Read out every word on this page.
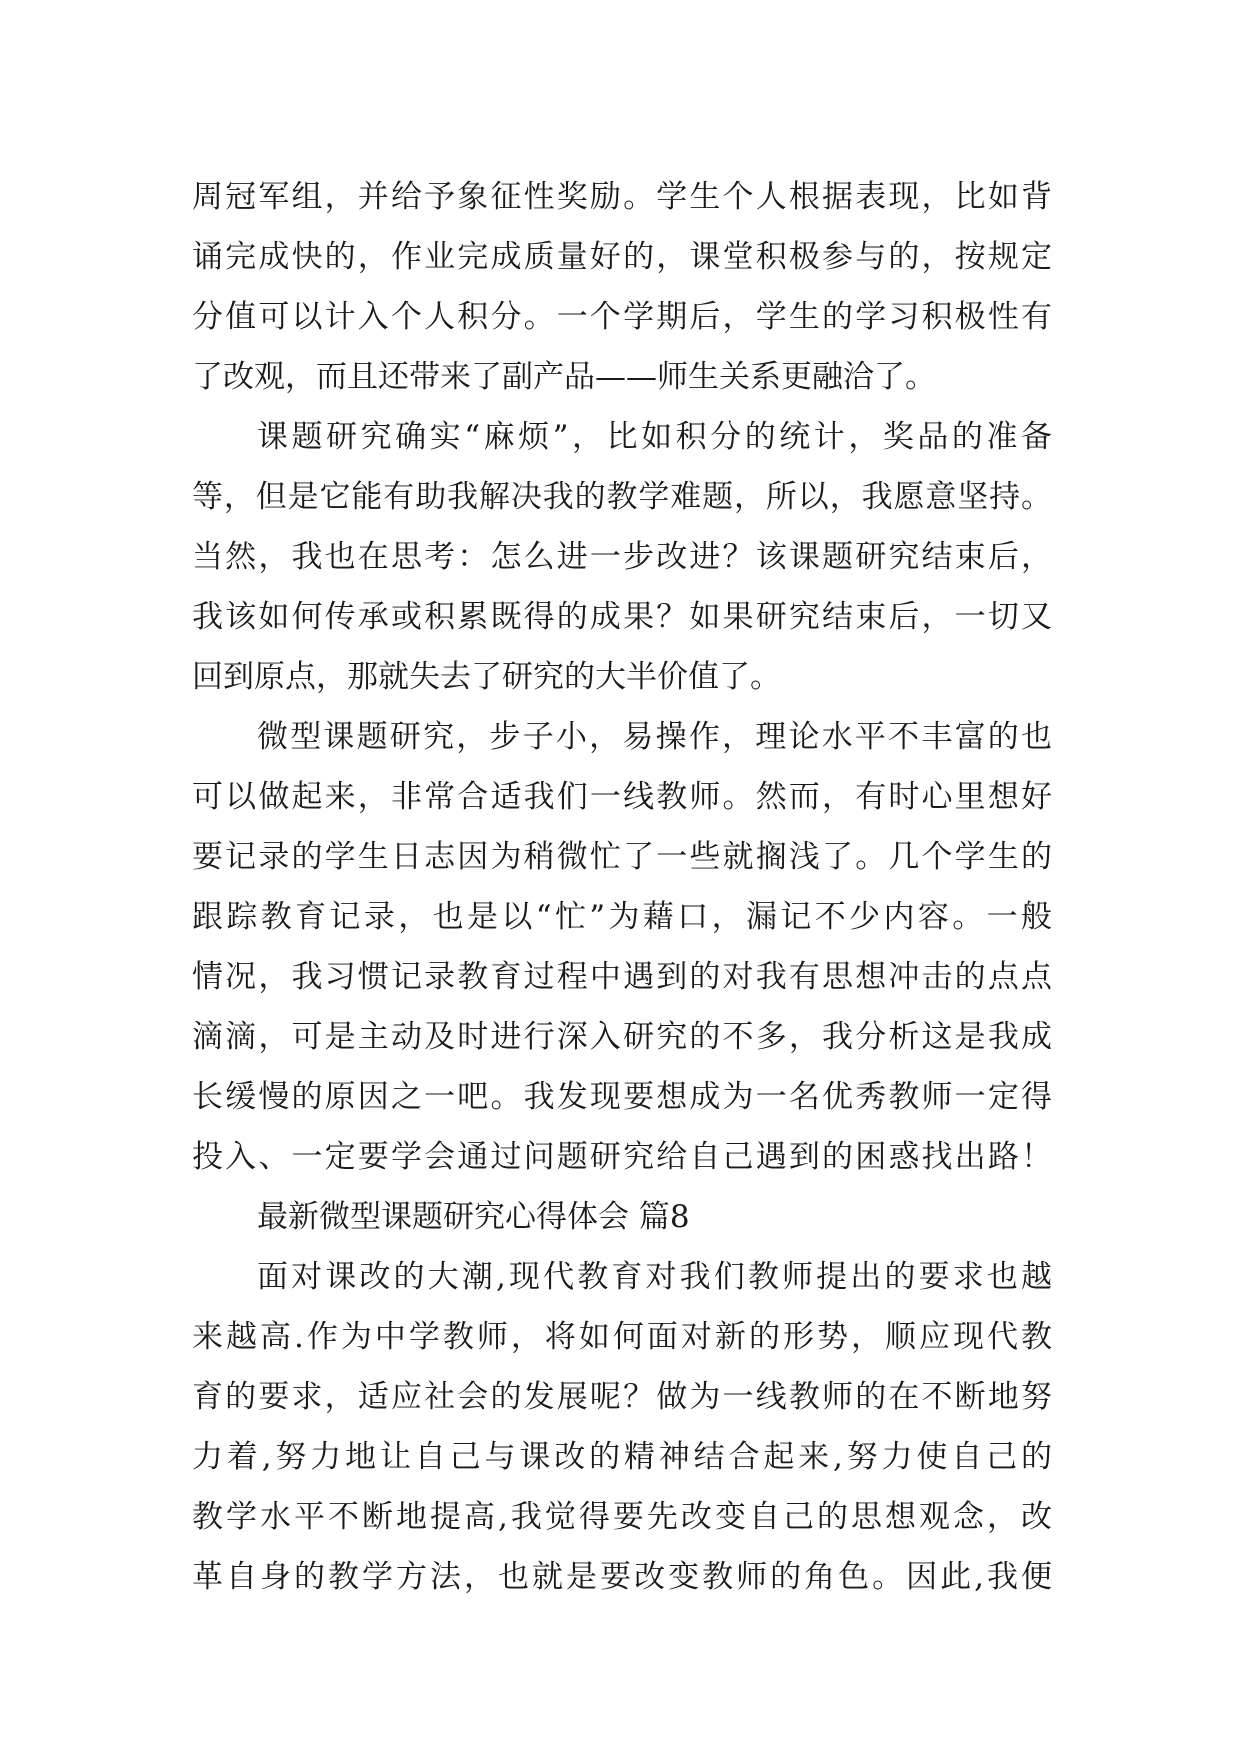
周冠军组，并给予象征性奖励。学生个人根据表现，比如背
诵完成快的，作业完成质量好的，课堂积极参与的，按规定
分值可以计入个人积分。一个学期后，学生的学习积极性有
了改观，而且还带来了副产品——师生关系更融洽了。
课题研究确实“麻烦”，比如积分的统计，奖品的准备
等，但是它能有助我解决我的教学难题，所以，我愿意坚持。
当然，我也在思考：怎么进一步改进？该课题研究结束后，
我该如何传承或积累既得的成果？如果研究结束后，一切又
回到原点，那就失去了研究的大半价值了。
微型课题研究，步子小，易操作，理论水平不丰富的也
可以做起来，非常合适我们一线教师。然而，有时心里想好
要记录的学生日志因为稍微忙了一些就搁浅了。几个学生的
跟踪教育记录，也是以“忙”为藉口，漏记不少内容。一般
情况，我习惯记录教育过程中遇到的对我有思想冲击的点点
滴滴，可是主动及时进行深入研究的不多，我分析这是我成
长缓慢的原因之一吧。我发现要想成为一名优秀教师一定得
投入、一定要学会通过问题研究给自己遇到的困惑找出路！
最新微型课题研究心得体会 篇8
面对课改的大潮,现代教育对我们教师提出的要求也越
来越高.作为中学教师，将如何面对新的形势，顺应现代教
育的要求，适应社会的发展呢？做为一线教师的在不断地努
力着,努力地让自己与课改的精神结合起来,努力使自己的
教学水平不断地提高,我觉得要先改变自己的思想观念，改
革自身的教学方法，也就是要改变教师的角色。因此,我便
